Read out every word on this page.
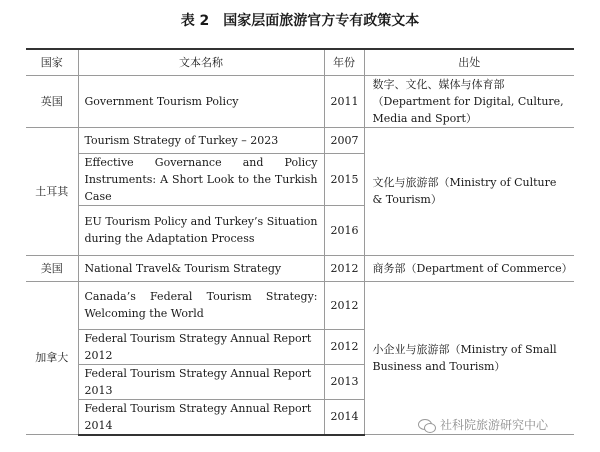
表 2　国家层面旅游官方专有政策文本
国家	文本名称	年份	出处
英国	Government Tourism Policy	2011	数字、文化、媒体与体育部（Department for Digital, Culture, Media and Sport）
土耳其	Tourism Strategy of Turkey – 2023	2007	文化与旅游部（Ministry of Culture & Tourism）
	Effective Governance and Policy Instruments: A Short Look to the Turkish Case	2015	
	EU Tourism Policy and Turkey’s Situation during the Adaptation Process	2016	
美国	National Travel& Tourism Strategy	2012	商务部（Department of Commerce）
加拿大	Canada’s Federal Tourism Strategy: Welcoming the World	2012	小企业与旅游部（Ministry of Small Business and Tourism）
	Federal Tourism Strategy Annual Report 2012	2012	
	Federal Tourism Strategy Annual Report 2013	2013	
	Federal Tourism Strategy Annual Report 2014	2014	
社科院旅游研究中心
